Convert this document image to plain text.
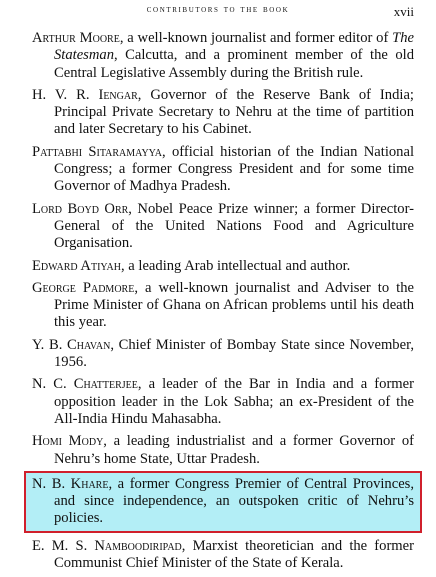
contributors to the book	xvii

Arthur Moore, a well-known journalist and former editor of The Statesman, Calcutta, and a prominent member of the old Central Legislative Assembly during the British rule.

H. V. R. Iengar, Governor of the Reserve Bank of India; Principal Private Secretary to Nehru at the time of partition and later Secretary to his Cabinet.

Pattabhi Sitaramayya, official historian of the Indian National Congress; a former Congress President and for some time Governor of Madhya Pradesh.

Lord Boyd Orr, Nobel Peace Prize winner; a former Director-General of the United Nations Food and Agriculture Organisation.

Edward Atiyah, a leading Arab intellectual and author.

George Padmore, a well-known journalist and Adviser to the Prime Minister of Ghana on African problems until his death this year.

Y. B. Chavan, Chief Minister of Bombay State since November, 1956.

N. C. Chatterjee, a leader of the Bar in India and a former opposition leader in the Lok Sabha; an ex-President of the All-India Hindu Mahasabha.

Homi Mody, a leading industrialist and a former Governor of Nehru’s home State, Uttar Pradesh.

N. B. Khare, a former Congress Premier of Central Provinces, and since independence, an outspoken critic of Nehru’s policies.

E. M. S. Namboodiripad, Marxist theoretician and the former Communist Chief Minister of the State of Kerala.
